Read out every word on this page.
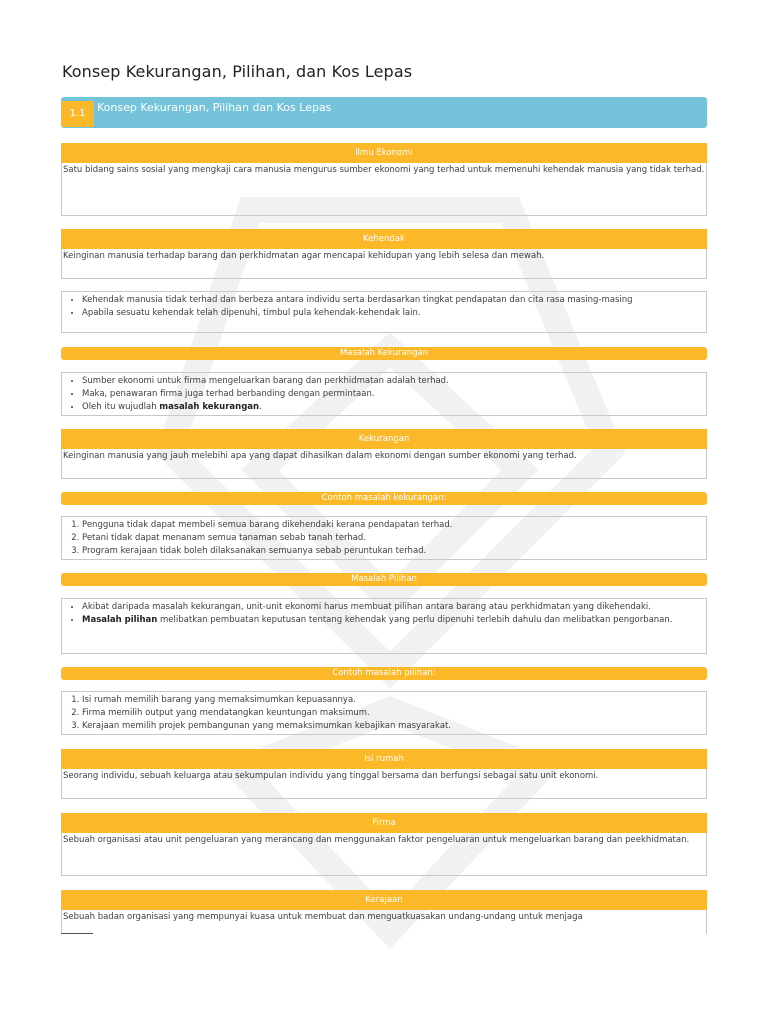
Konsep Kekurangan, Pilihan, dan Kos Lepas
1.1	Konsep Kekurangan, Pilihan dan Kos Lepas
Ilmu Ekonomi
Satu bidang sains sosial yang mengkaji cara manusia mengurus sumber ekonomi yang terhad untuk memenuhi kehendak manusia yang tidak terhad.
Kehendak
Keinginan manusia terhadap barang dan perkhidmatan agar mencapai kehidupan yang lebih selesa dan mewah.
• Kehendak manusia tidak terhad dan berbeza antara individu serta berdasarkan tingkat pendapatan dan cita rasa masing-masing
• Apabila sesuatu kehendak telah dipenuhi, timbul pula kehendak-kehendak lain.
Masalah Kekurangan
• Sumber ekonomi untuk firma mengeluarkan barang dan perkhidmatan adalah terhad.
• Maka, penawaran firma juga terhad berbanding dengan permintaan.
• Oleh itu wujudlah masalah kekurangan.
Kekurangan
Keinginan manusia yang jauh melebihi apa yang dapat dihasilkan dalam ekonomi dengan sumber ekonomi yang terhad.
Contoh masalah kekurangan:
1. Pengguna tidak dapat membeli semua barang dikehendaki kerana pendapatan terhad.
2. Petani tidak dapat menanam semua tanaman sebab tanah terhad.
3. Program kerajaan tidak boleh dilaksanakan semuanya sebab peruntukan terhad.
Masalah Pilihan
• Akibat daripada masalah kekurangan, unit-unit ekonomi harus membuat pilihan antara barang atau perkhidmatan yang dikehendaki.
• Masalah pilihan melibatkan pembuatan keputusan tentang kehendak yang perlu dipenuhi terlebih dahulu dan melibatkan pengorbanan.
Contoh masalah pilihan:
1. Isi rumah memilih barang yang memaksimumkan kepuasannya.
2. Firma memilih output yang mendatangkan keuntungan maksimum.
3. Kerajaan memilih projek pembangunan yang memaksimumkan kebajikan masyarakat.
Isi rumah
Seorang individu, sebuah keluarga atau sekumpulan individu yang tinggal bersama dan berfungsi sebagai satu unit ekonomi.
Firma
Sebuah organisasi atau unit pengeluaran yang merancang dan menggunakan faktor pengeluaran untuk mengeluarkan barang dan peekhidmatan.
Kerajaan
Sebuah badan organisasi yang mempunyai kuasa untuk membuat dan menguatkuasakan undang-undang untuk menjaga
